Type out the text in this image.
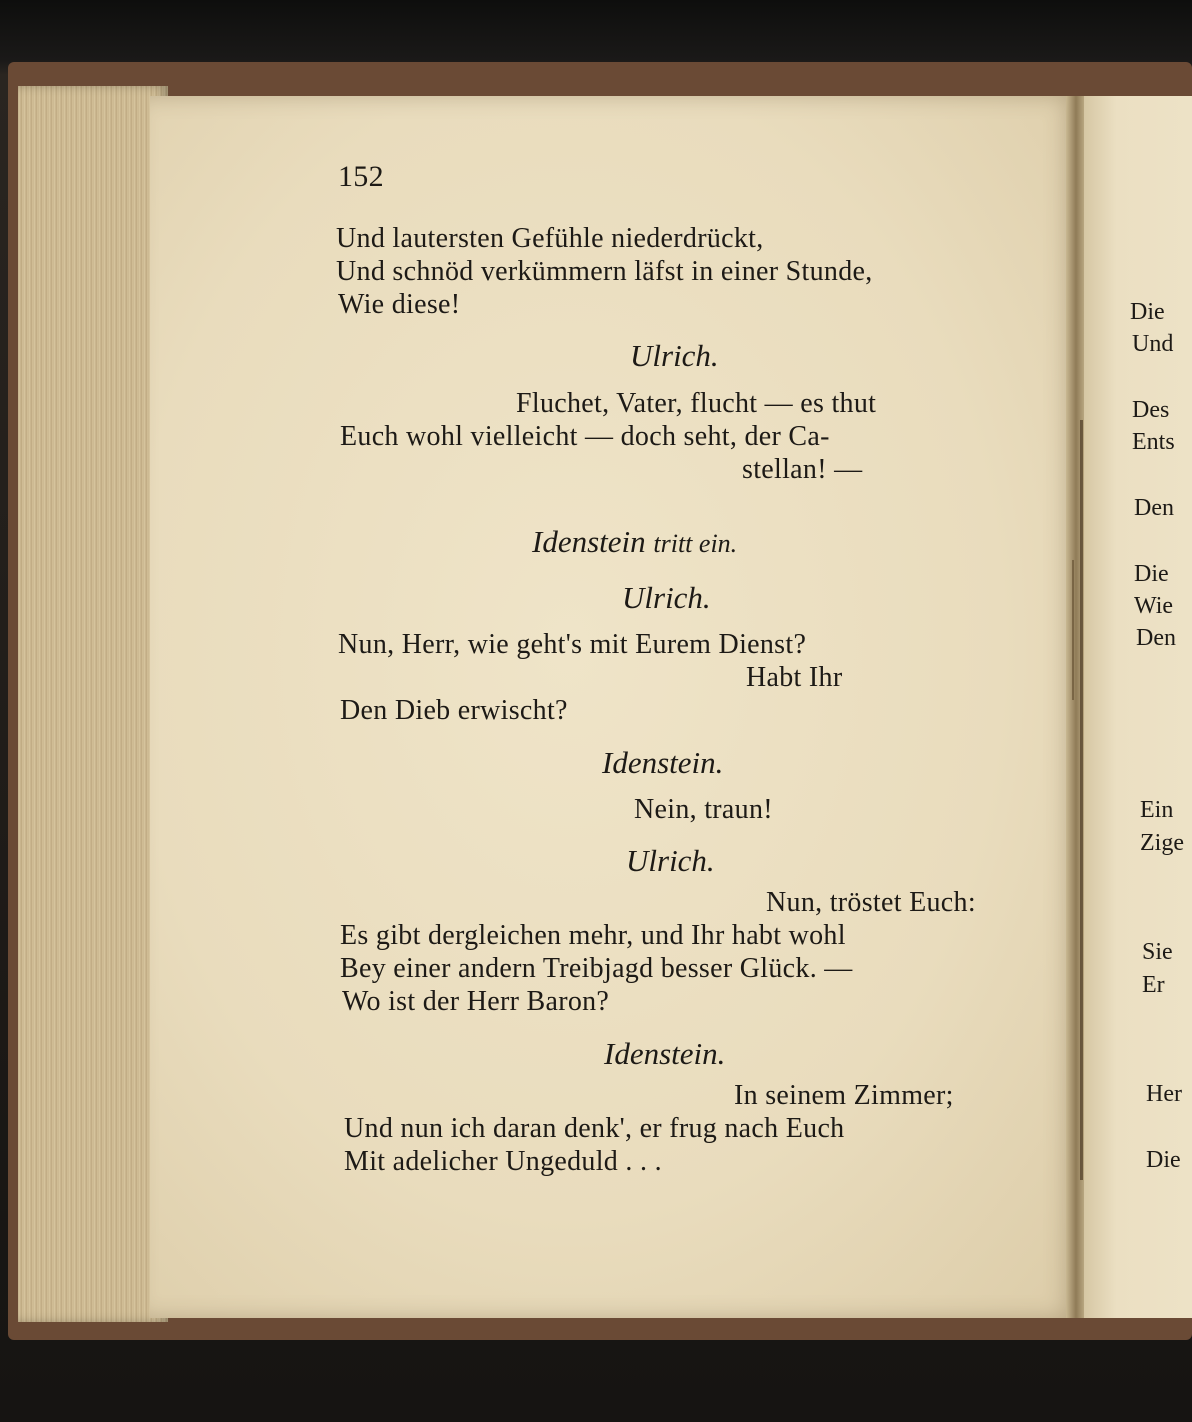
152
Und lautersten Gefühle niederdrückt,
Und schnöd verkümmern läfst in einer Stunde,
Wie diese!
Ulrich.
Fluchet, Vater, flucht — es thut
Euch wohl vielleicht — doch seht, der Ca-
stellan! —
Idenstein tritt ein.
Ulrich.
Nun, Herr, wie geht's mit Eurem Dienst?
Habt Ihr
Den Dieb erwischt?
Idenstein.
Nein, traun!
Ulrich.
Nun, tröstet Euch:
Es gibt dergleichen mehr, und Ihr habt wohl
Bey einer andern Treibjagd besser Glück. —
Wo ist der Herr Baron?
Idenstein.
In seinem Zimmer;
Und nun ich daran denk', er frug nach Euch
Mit adelicher Ungeduld . . .
Die
Und
Des
Ents
Den
Die
Wie
Den
Ein
Zige
Sie
Er
Her
Die
